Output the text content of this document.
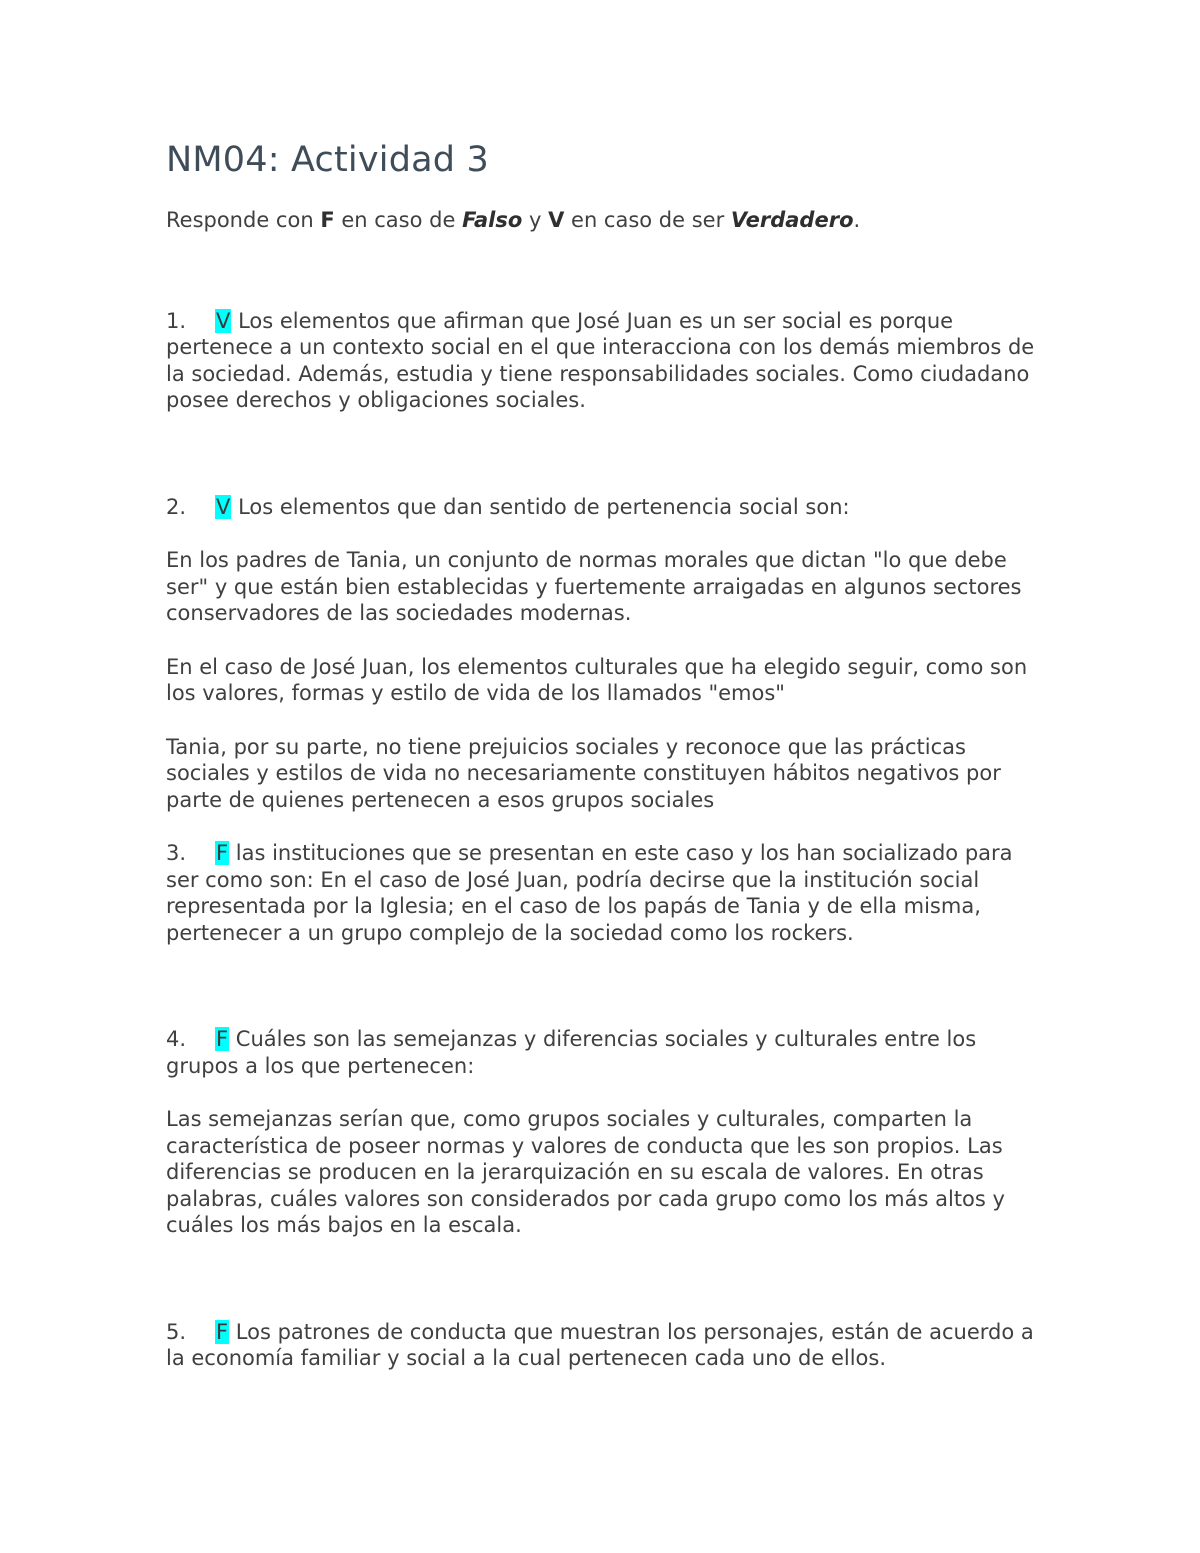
NM04: Actividad 3
Responde con F en caso de Falso y V en caso de ser Verdadero.

1. V Los elementos que afirman que José Juan es un ser social es porque pertenece a un contexto social en el que interacciona con los demás miembros de la sociedad. Además, estudia y tiene responsabilidades sociales. Como ciudadano posee derechos y obligaciones sociales.

2. V Los elementos que dan sentido de pertenencia social son:

En los padres de Tania, un conjunto de normas morales que dictan "lo que debe ser" y que están bien establecidas y fuertemente arraigadas en algunos sectores conservadores de las sociedades modernas.

En el caso de José Juan, los elementos culturales que ha elegido seguir, como son los valores, formas y estilo de vida de los llamados "emos"

Tania, por su parte, no tiene prejuicios sociales y reconoce que las prácticas sociales y estilos de vida no necesariamente constituyen hábitos negativos por parte de quienes pertenecen a esos grupos sociales

3. F las instituciones que se presentan en este caso y los han socializado para ser como son: En el caso de José Juan, podría decirse que la institución social representada por la Iglesia; en el caso de los papás de Tania y de ella misma, pertenecer a un grupo complejo de la sociedad como los rockers.

4. F Cuáles son las semejanzas y diferencias sociales y culturales entre los grupos a los que pertenecen:

Las semejanzas serían que, como grupos sociales y culturales, comparten la característica de poseer normas y valores de conducta que les son propios. Las diferencias se producen en la jerarquización en su escala de valores. En otras palabras, cuáles valores son considerados por cada grupo como los más altos y cuáles los más bajos en la escala.

5. F Los patrones de conducta que muestran los personajes, están de acuerdo a la economía familiar y social a la cual pertenecen cada uno de ellos.
